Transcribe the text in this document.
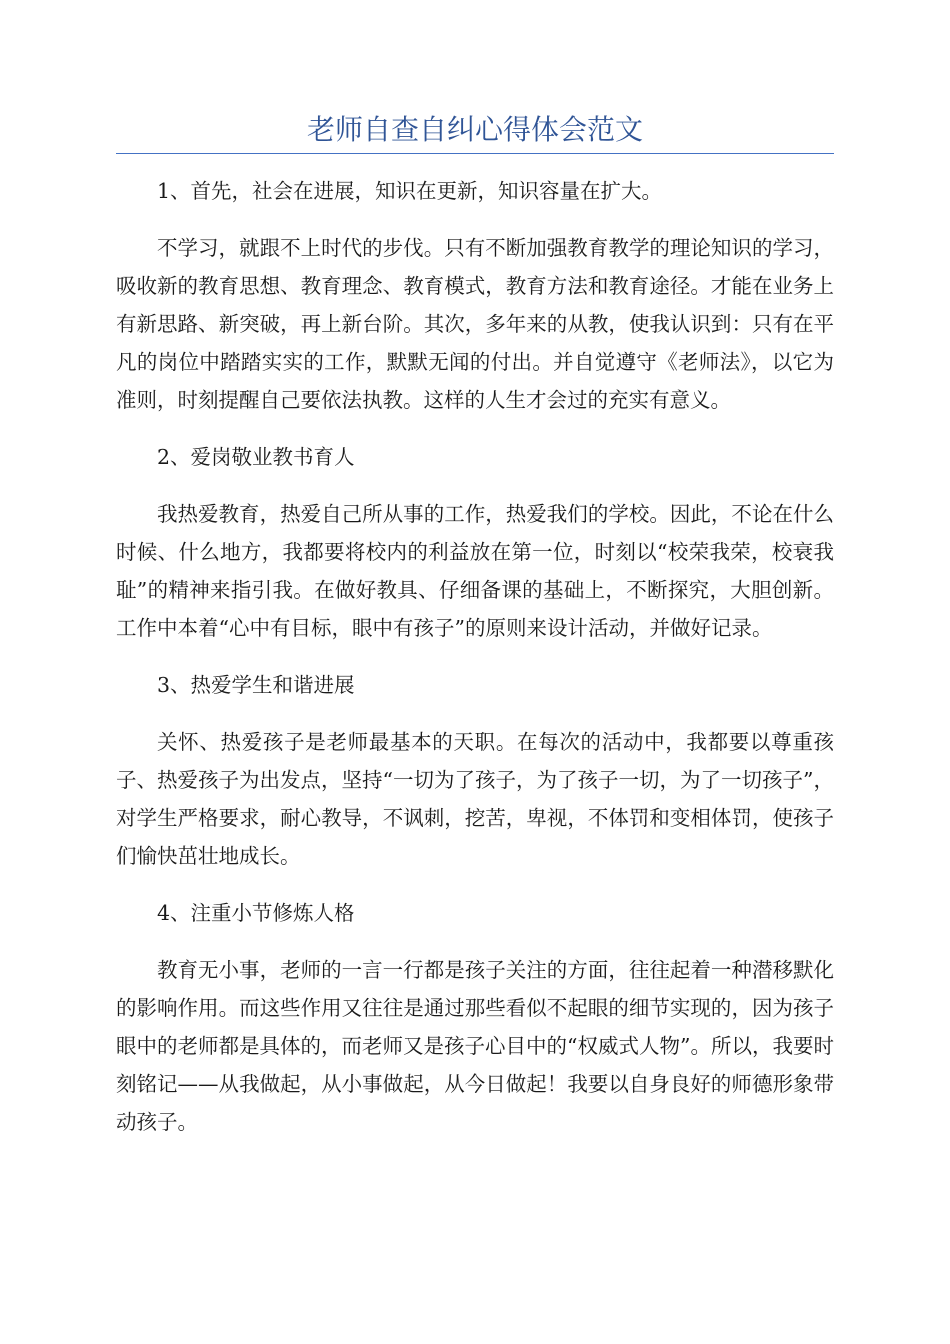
老师自查自纠心得体会范文

1、首先，社会在进展，知识在更新，知识容量在扩大。

不学习，就跟不上时代的步伐。只有不断加强教育教学的理论知识的学习，吸收新的教育思想、教育理念、教育模式，教育方法和教育途径。才能在业务上有新思路、新突破，再上新台阶。其次，多年来的从教，使我认识到：只有在平凡的岗位中踏踏实实的工作，默默无闻的付出。并自觉遵守《老师法》，以它为准则，时刻提醒自己要依法执教。这样的人生才会过的充实有意义。

2、爱岗敬业教书育人

我热爱教育，热爱自己所从事的工作，热爱我们的学校。因此，不论在什么时候、什么地方，我都要将校内的利益放在第一位，时刻以“校荣我荣，校衰我耻”的精神来指引我。在做好教具、仔细备课的基础上，不断探究，大胆创新。工作中本着“心中有目标，眼中有孩子”的原则来设计活动，并做好记录。

3、热爱学生和谐进展

关怀、热爱孩子是老师最基本的天职。在每次的活动中，我都要以尊重孩子、热爱孩子为出发点，坚持“一切为了孩子，为了孩子一切，为了一切孩子”，对学生严格要求，耐心教导，不讽刺，挖苦，卑视，不体罚和变相体罚，使孩子们愉快茁壮地成长。

4、注重小节修炼人格

教育无小事，老师的一言一行都是孩子关注的方面，往往起着一种潜移默化的影响作用。而这些作用又往往是通过那些看似不起眼的细节实现的，因为孩子眼中的老师都是具体的，而老师又是孩子心目中的“权威式人物”。所以，我要时刻铭记——从我做起，从小事做起，从今日做起！我要以自身良好的师德形象带动孩子。
